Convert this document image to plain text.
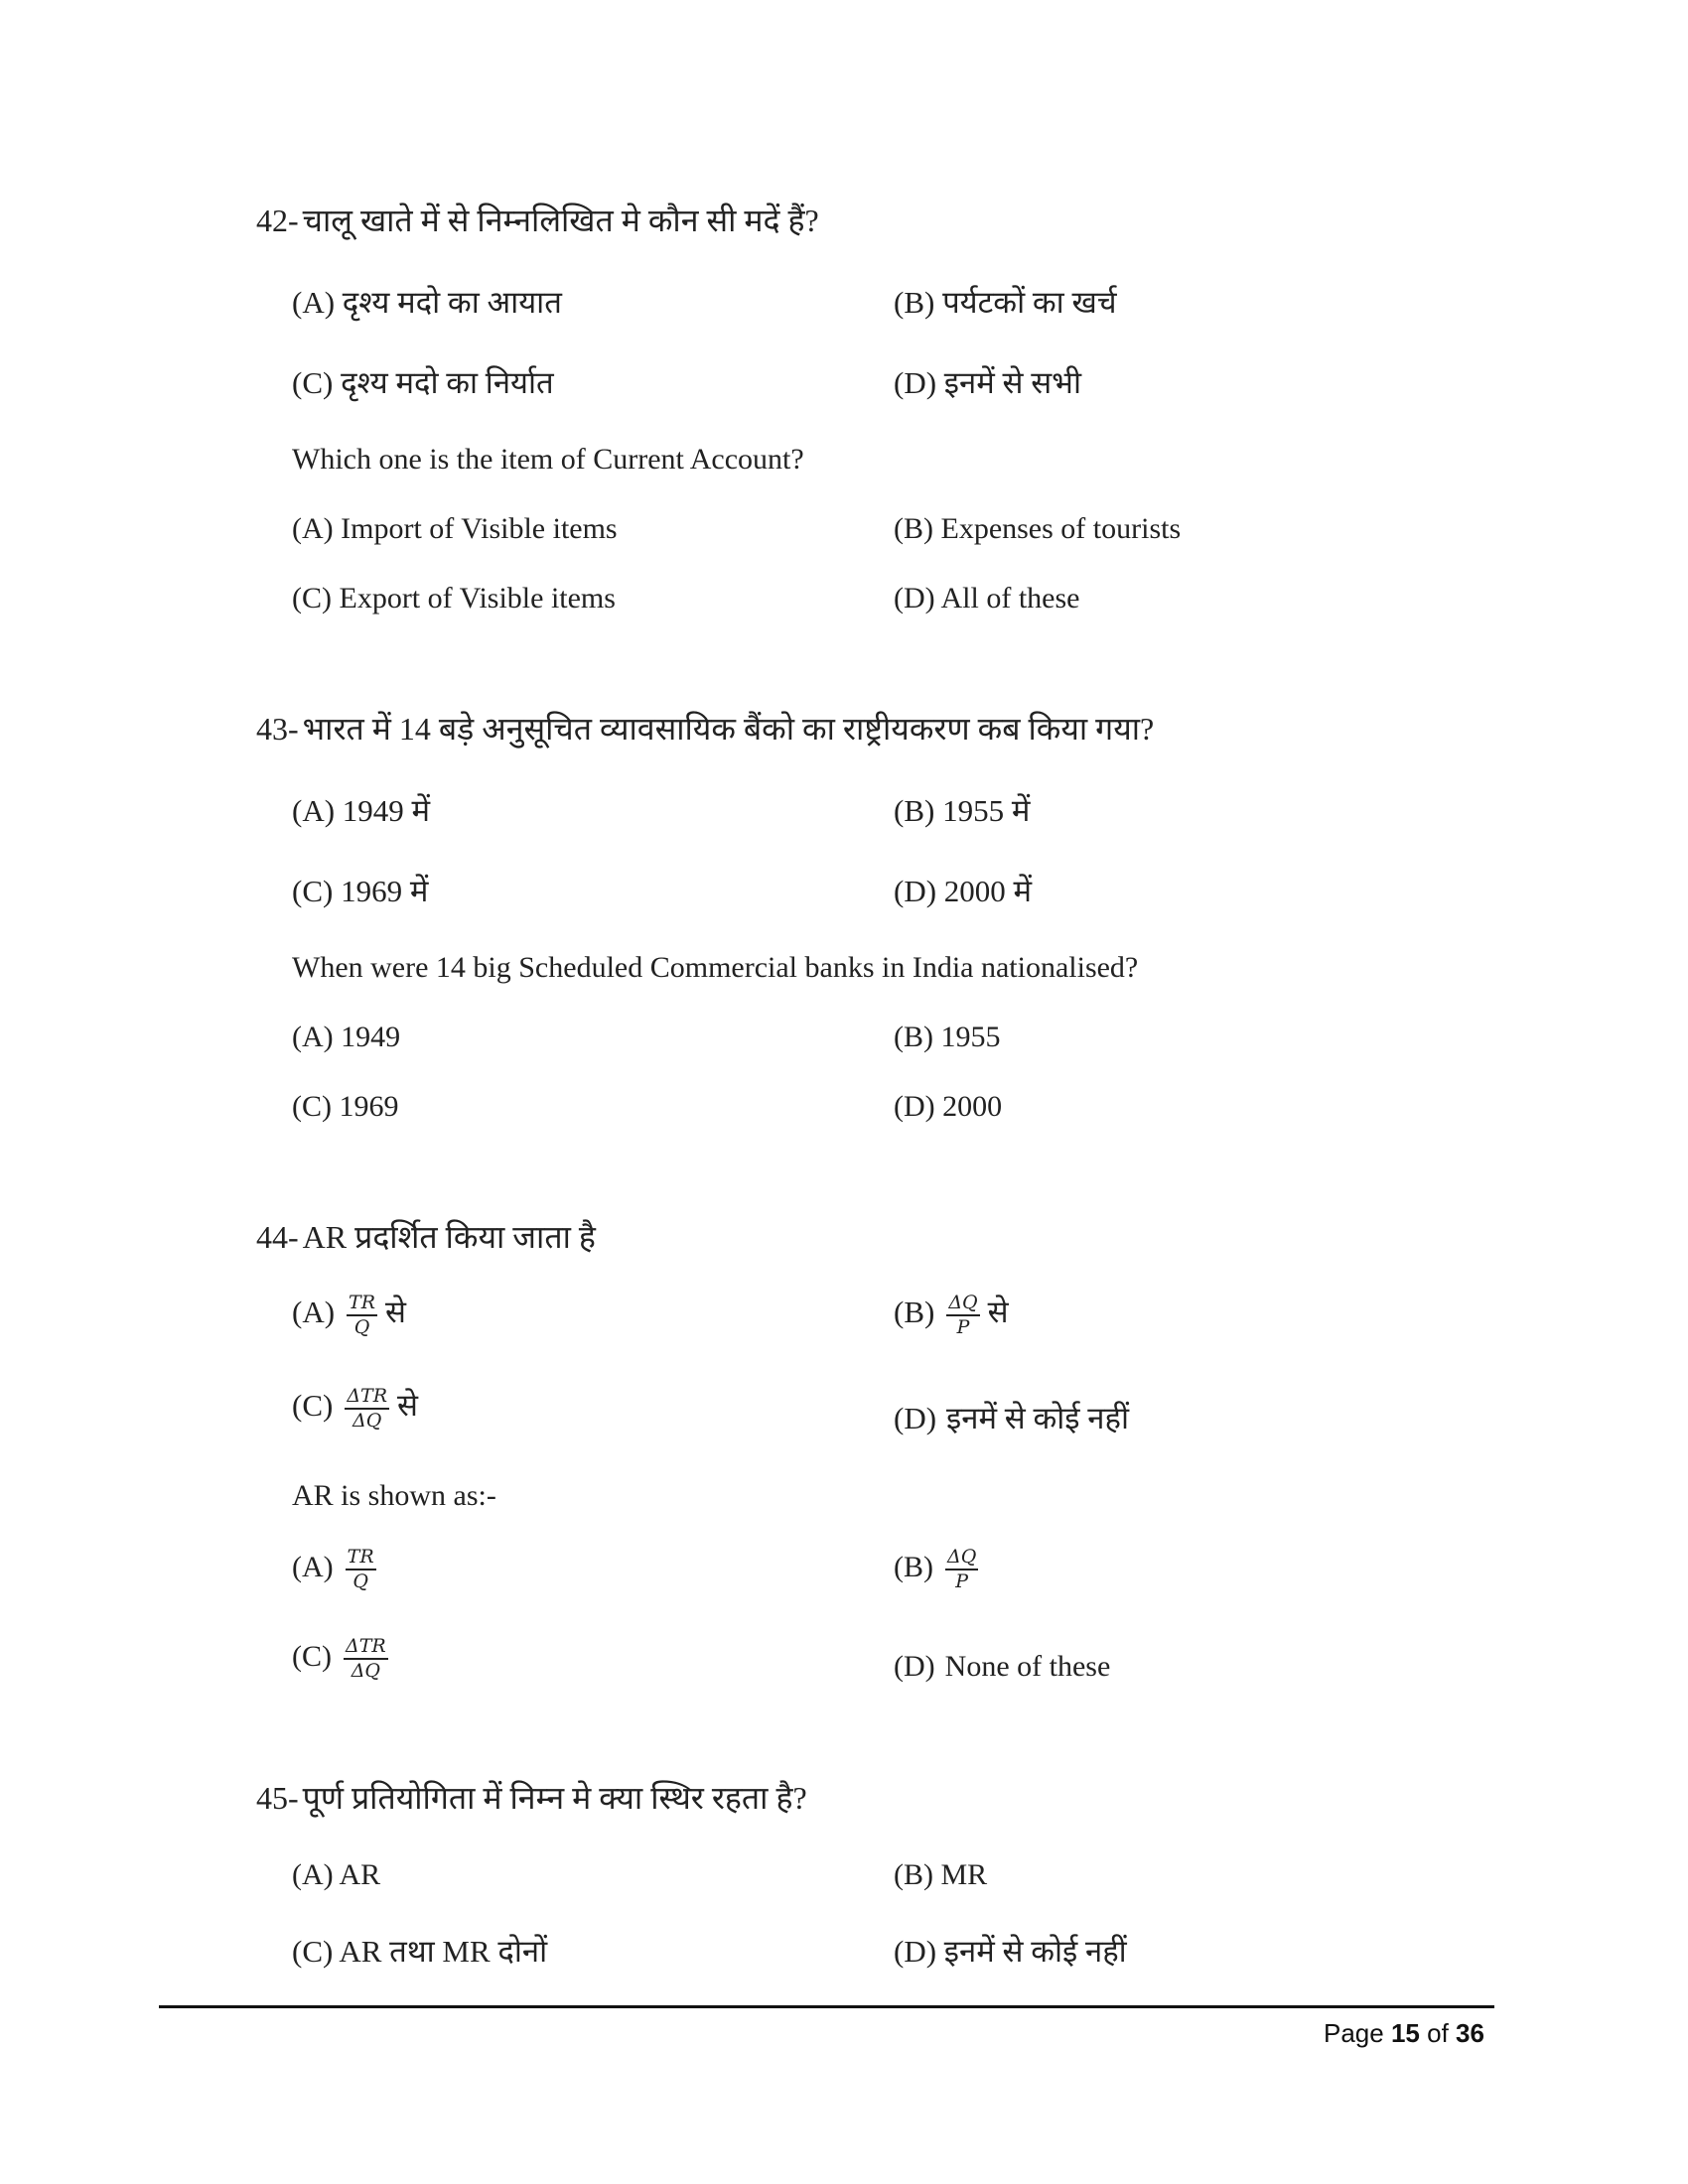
42- चालू खाते में से निम्नलिखित मे कौन सी मदें हैं?
(A) दृश्य मदो का आयात	(B) पर्यटकों का खर्च
(C) दृश्य मदो का निर्यात	(D) इनमें से सभी
Which one is the item of Current Account?
(A) Import of Visible items	(B) Expenses of tourists
(C) Export of Visible items	(D) All of these
43- भारत में 14 बड़े अनुसूचित व्यावसायिक बैंको का राष्ट्रीयकरण कब किया गया?
(A) 1949 में	(B) 1955 में
(C) 1969 में	(D) 2000 में
When were 14 big Scheduled Commercial banks in India nationalised?
(A) 1949	(B) 1955
(C) 1969	(D) 2000
44- AR प्रदर्शित किया जाता है
$(A) \frac{TR}{Q}$ से	$(B) \frac{\Delta Q}{P}$ से
$(C) \frac{\text{ΔTR}}{\Delta Q}$ से	(D) इनमें से कोई नहीं
AR is shown as:-
$(A) \frac{TR}{Q}$	$(B) \frac{\Delta Q}{P}$
$(C) \frac{\text{ΔTR}}{\Delta Q}$	(D) None of these
45- पूर्ण प्रतियोगिता में निम्न मे क्या स्थिर रहता है?
(A) AR	(B) MR
(C) AR तथा MR दोनों	(D) इनमें से कोई नहीं
Page 15 of 36
